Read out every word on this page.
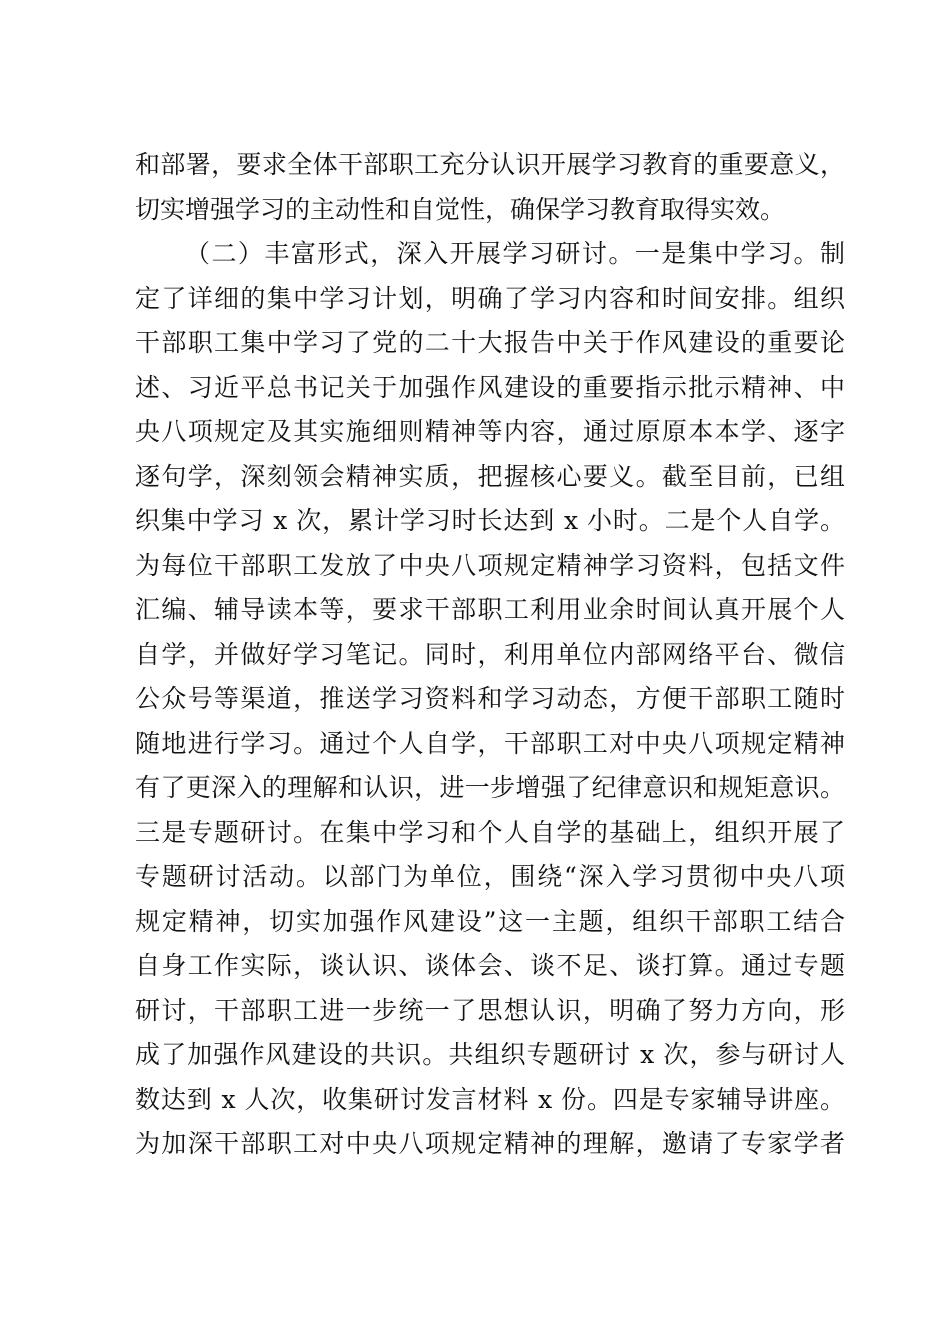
和部署，要求全体干部职工充分认识开展学习教育的重要意义，
切实增强学习的主动性和自觉性，确保学习教育取得实效。
（二）丰富形式，深入开展学习研讨。一是集中学习。制
定了详细的集中学习计划，明确了学习内容和时间安排。组织
干部职工集中学习了党的二十大报告中关于作风建设的重要论
述、习近平总书记关于加强作风建设的重要指示批示精神、中
央八项规定及其实施细则精神等内容，通过原原本本学、逐字
逐句学，深刻领会精神实质，把握核心要义。截至目前，已组
织集中学习 x 次，累计学习时长达到 x 小时。二是个人自学。
为每位干部职工发放了中央八项规定精神学习资料，包括文件
汇编、辅导读本等，要求干部职工利用业余时间认真开展个人
自学，并做好学习笔记。同时，利用单位内部网络平台、微信
公众号等渠道，推送学习资料和学习动态，方便干部职工随时
随地进行学习。通过个人自学，干部职工对中央八项规定精神
有了更深入的理解和认识，进一步增强了纪律意识和规矩意识。
三是专题研讨。在集中学习和个人自学的基础上，组织开展了
专题研讨活动。以部门为单位，围绕“深入学习贯彻中央八项
规定精神，切实加强作风建设”这一主题，组织干部职工结合
自身工作实际，谈认识、谈体会、谈不足、谈打算。通过专题
研讨，干部职工进一步统一了思想认识，明确了努力方向，形
成了加强作风建设的共识。共组织专题研讨 x 次，参与研讨人
数达到 x 人次，收集研讨发言材料 x 份。四是专家辅导讲座。
为加深干部职工对中央八项规定精神的理解，邀请了专家学者
